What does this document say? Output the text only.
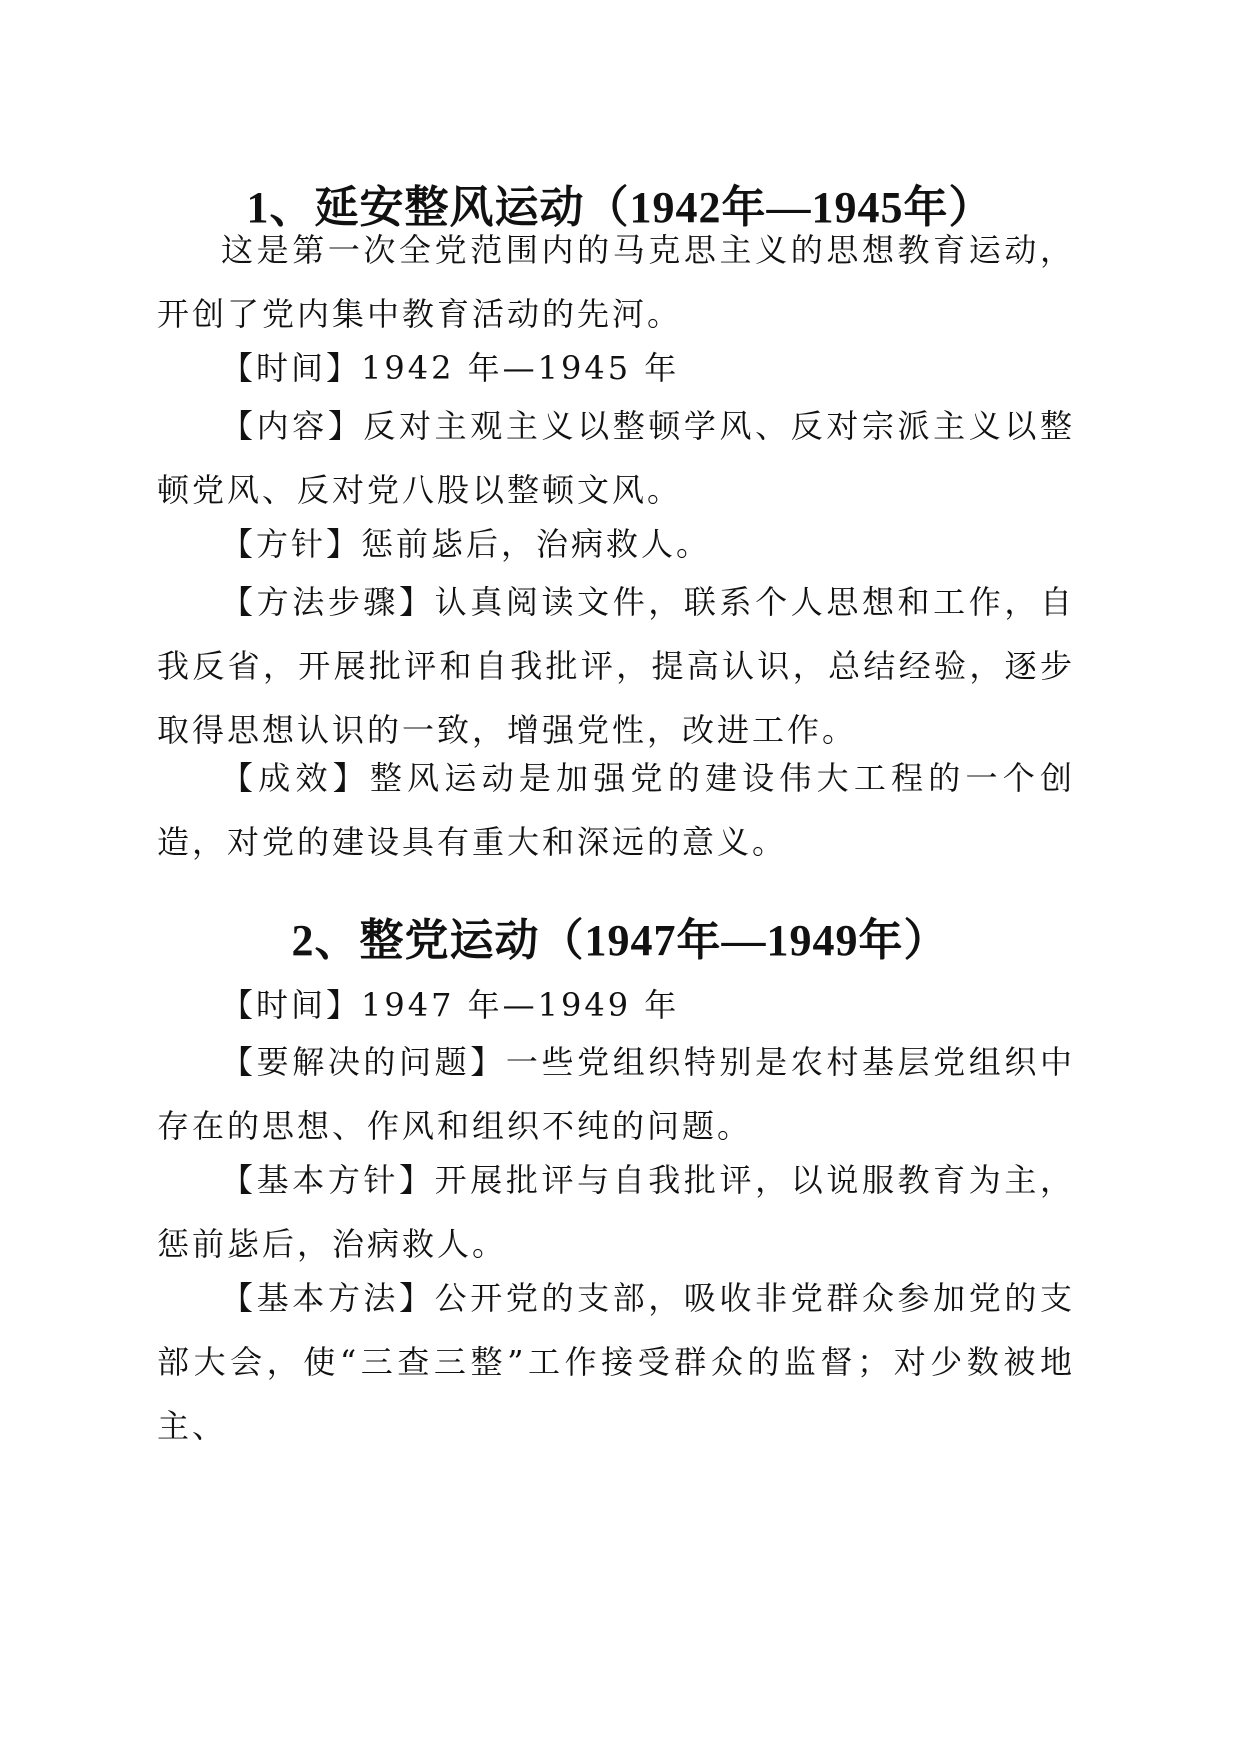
1、延安整风运动（1942年—1945年）

这是第一次全党范围内的马克思主义的思想教育运动，开创了党内集中教育活动的先河。

【时间】1942 年—1945 年

【内容】反对主观主义以整顿学风、反对宗派主义以整顿党风、反对党八股以整顿文风。

【方针】惩前毖后，治病救人。

【方法步骤】认真阅读文件，联系个人思想和工作，自我反省，开展批评和自我批评，提高认识，总结经验，逐步取得思想认识的一致，增强党性，改进工作。

【成效】整风运动是加强党的建设伟大工程的一个创造，对党的建设具有重大和深远的意义。

2、整党运动（1947年—1949年）

【时间】1947 年—1949 年

【要解决的问题】一些党组织特别是农村基层党组织中存在的思想、作风和组织不纯的问题。

【基本方针】开展批评与自我批评，以说服教育为主，惩前毖后，治病救人。

【基本方法】公开党的支部，吸收非党群众参加党的支部大会，使“三查三整”工作接受群众的监督；对少数被地主、
